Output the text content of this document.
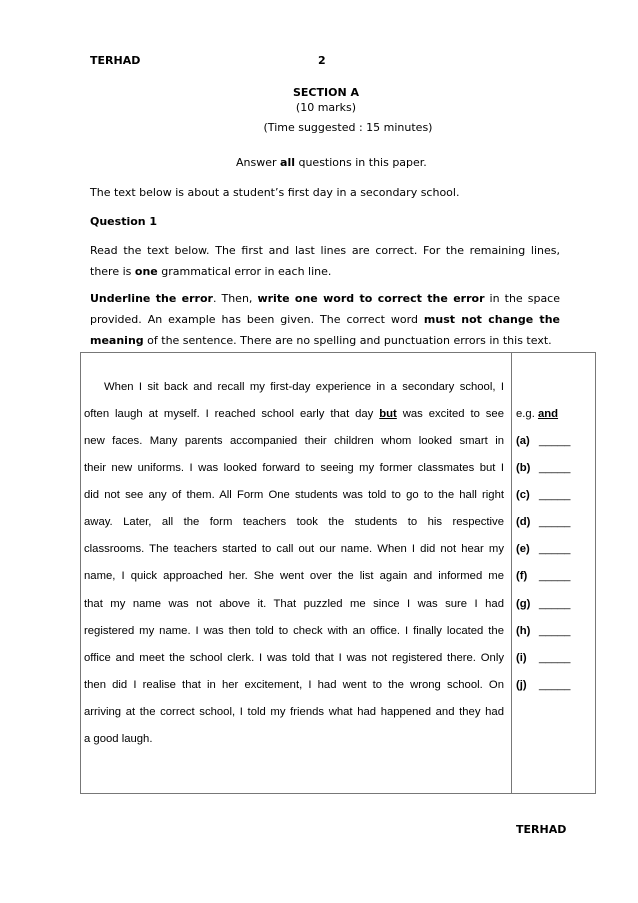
TERHAD	2
SECTION A
(10 marks)
(Time suggested : 15 minutes)
Answer all questions in this paper.
The text below is about a student’s first day in a secondary school.
Question 1
Read the text below. The first and last lines are correct. For the remaining lines, there is one grammatical error in each line.
Underline the error. Then, write one word to correct the error in the space provided. An example has been given. The correct word must not change the meaning of the sentence. There are no spelling and punctuation errors in this text.
When I sit back and recall my first-day experience in a secondary school, I
often laugh at myself. I reached school early that day but was excited to see
new faces. Many parents accompanied their children whom looked smart in
their new uniforms. I was looked forward to seeing my former classmates but I
did not see any of them. All Form One students was told to go to the hall right
away. Later, all the form teachers took the students to his respective
classrooms. The teachers started to call out our name. When I did not hear my
name, I quick approached her. She went over the list again and informed me
that my name was not above it. That puzzled me since I was sure I had
registered my name. I was then told to check with an office. I finally located the
office and meet the school clerk. I was told that I was not registered there. Only
then did I realise that in her excitement, I had went to the wrong school. On
arriving at the correct school, I told my friends what had happened and they had
a good laugh.
e.g. and
(a) _____
(b) _____
(c) _____
(d) _____
(e) _____
(f) _____
(g) _____
(h) _____
(i) _____
(j) _____
TERHAD
